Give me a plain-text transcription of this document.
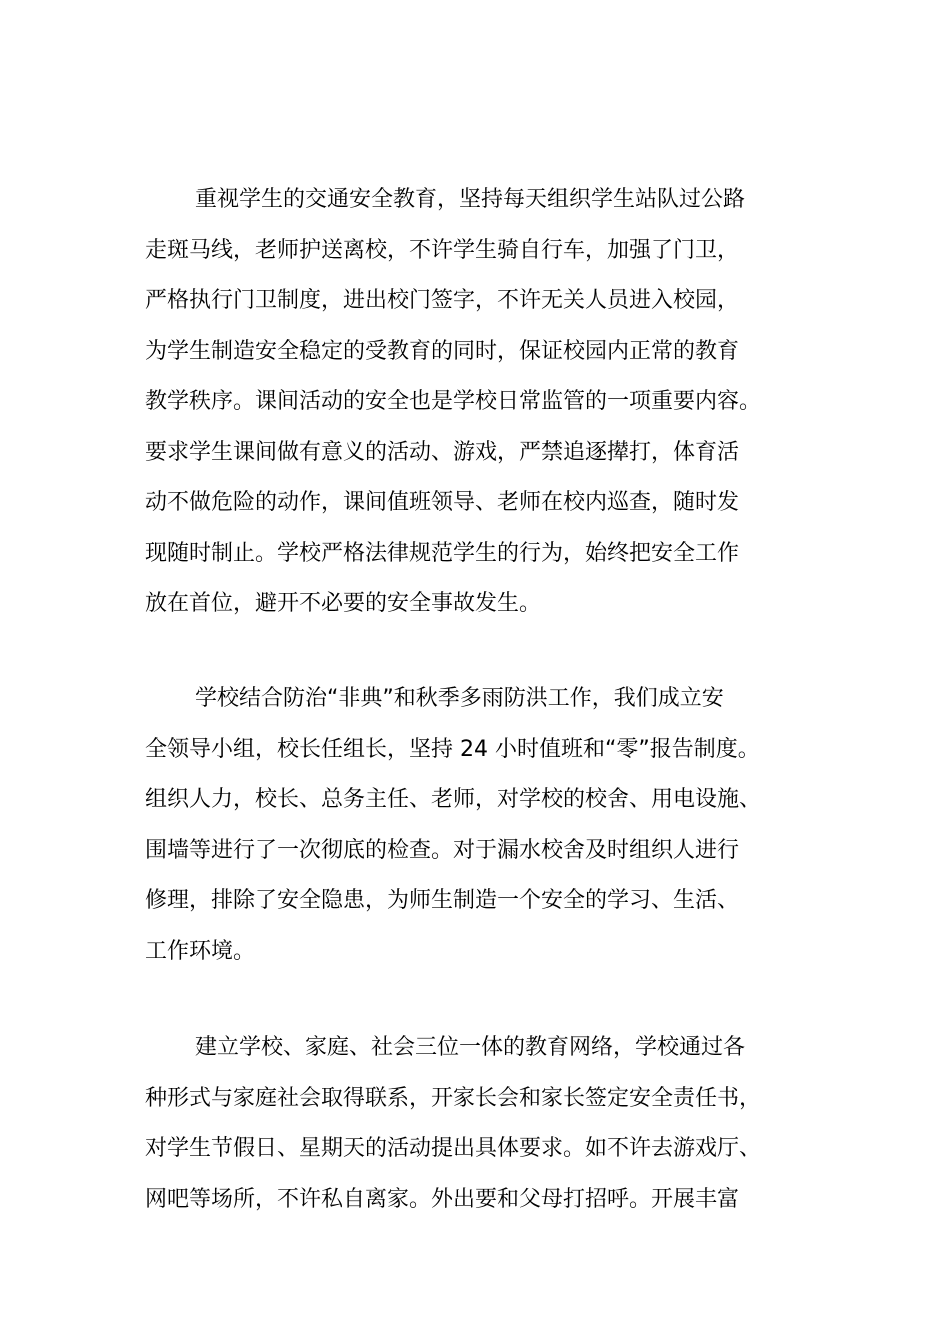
重视学生的交通安全教育，坚持每天组织学生站队过公路
走斑马线，老师护送离校，不许学生骑自行车，加强了门卫，
严格执行门卫制度，进出校门签字，不许无关人员进入校园，
为学生制造安全稳定的受教育的同时，保证校园内正常的教育
教学秩序。课间活动的安全也是学校日常监管的一项重要内容。
要求学生课间做有意义的活动、游戏，严禁追逐撵打，体育活
动不做危险的动作，课间值班领导、老师在校内巡查，随时发
现随时制止。学校严格法律规范学生的行为，始终把安全工作
放在首位，避开不必要的安全事故发生。
学校结合防治“非典”和秋季多雨防洪工作，我们成立安
全领导小组，校长任组长，坚持 24 小时值班和“零”报告制度。
组织人力，校长、总务主任、老师，对学校的校舍、用电设施、
围墙等进行了一次彻底的检查。对于漏水校舍及时组织人进行
修理，排除了安全隐患，为师生制造一个安全的学习、生活、
工作环境。
建立学校、家庭、社会三位一体的教育网络，学校通过各
种形式与家庭社会取得联系，开家长会和家长签定安全责任书，
对学生节假日、星期天的活动提出具体要求。如不许去游戏厅、
网吧等场所，不许私自离家。外出要和父母打招呼。开展丰富
